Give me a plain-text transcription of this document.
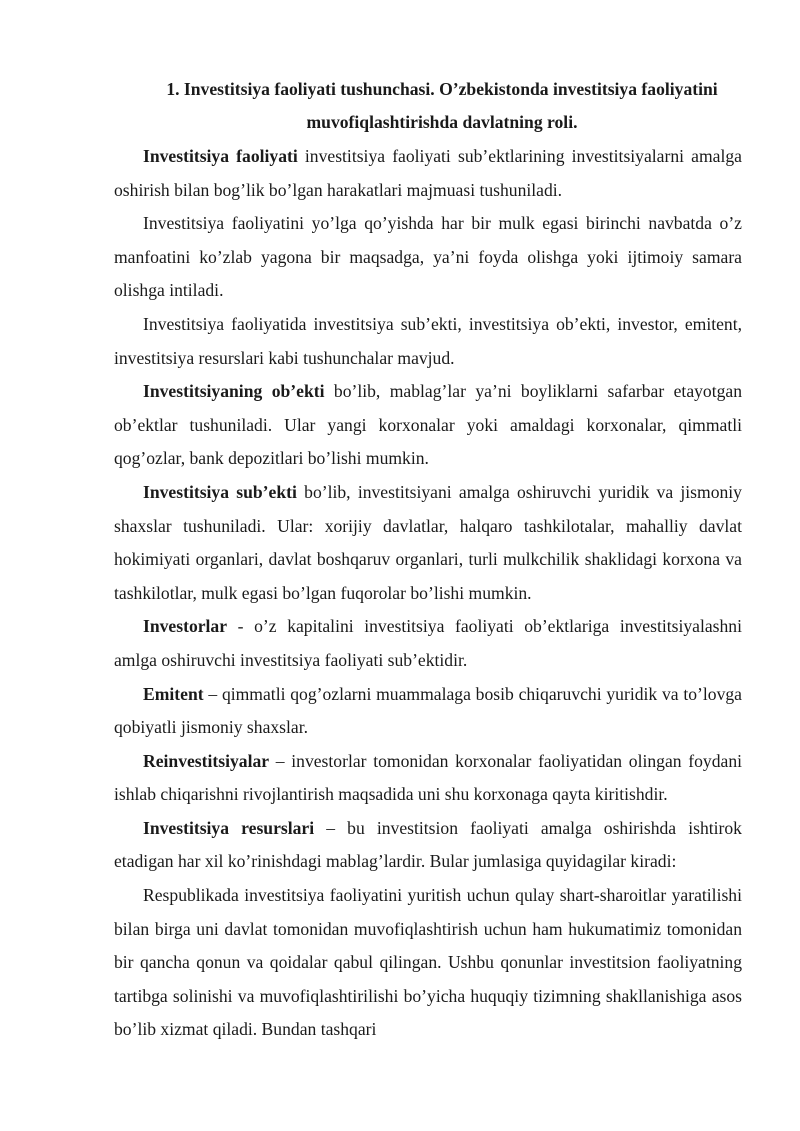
1. Investitsiya faoliyati tushunchasi. O’zbekistonda investitsiya faoliyatini
muvofiqlashtirishda davlatning roli.

Investitsiya faoliyati investitsiya faoliyati sub’ektlarining investitsiyalarni amalga oshirish bilan bog’lik bo’lgan harakatlari majmuasi tushuniladi.

Investitsiya faoliyatini yo’lga qo’yishda har bir mulk egasi birinchi navbatda o’z manfoatini ko’zlab yagona bir maqsadga, ya’ni foyda olishga yoki ijtimoiy samara olishga intiladi.

Investitsiya faoliyatida investitsiya sub’ekti, investitsiya ob’ekti, investor, emitent, investitsiya resurslari kabi tushunchalar mavjud.

Investitsiyaning ob’ekti bo’lib, mablag’lar ya’ni boyliklarni safarbar etayotgan ob’ektlar tushuniladi. Ular yangi korxonalar yoki amaldagi korxonalar, qimmatli qog’ozlar, bank depozitlari bo’lishi mumkin.

Investitsiya sub’ekti bo’lib, investitsiyani amalga oshiruvchi yuridik va jismoniy shaxslar tushuniladi. Ular: xorijiy davlatlar, halqaro tashkilotalar, mahalliy davlat hokimiyati organlari, davlat boshqaruv organlari, turli mulkchilik shaklidagi korxona va tashkilotlar, mulk egasi bo’lgan fuqorolar bo’lishi mumkin.

Investorlar - o’z kapitalini investitsiya faoliyati ob’ektlariga investitsiyalashni amlga oshiruvchi investitsiya faoliyati sub’ektidir.

Emitent – qimmatli qog’ozlarni muammalaga bosib chiqaruvchi yuridik va to’lovga qobiyatli jismoniy shaxslar.

Reinvestitsiyalar – investorlar tomonidan korxonalar faoliyatidan olingan foydani ishlab chiqarishni rivojlantirish maqsadida uni shu korxonaga qayta kiritishdir.

Investitsiya resurslari – bu investitsion faoliyati amalga oshirishda ishtirok etadigan har xil ko’rinishdagi mablag’lardir. Bular jumlasiga quyidagilar kiradi:

Respublikada investitsiya faoliyatini yuritish uchun qulay shart-sharoitlar yaratilishi bilan birga uni davlat tomonidan muvofiqlashtirish uchun ham hukumatimiz tomonidan bir qancha qonun va qoidalar qabul qilingan. Ushbu qonunlar investitsion faoliyatning tartibga solinishi va muvofiqlashtirilishi bo’yicha huquqiy tizimning shakllanishiga asos bo’lib xizmat qiladi. Bundan tashqari
